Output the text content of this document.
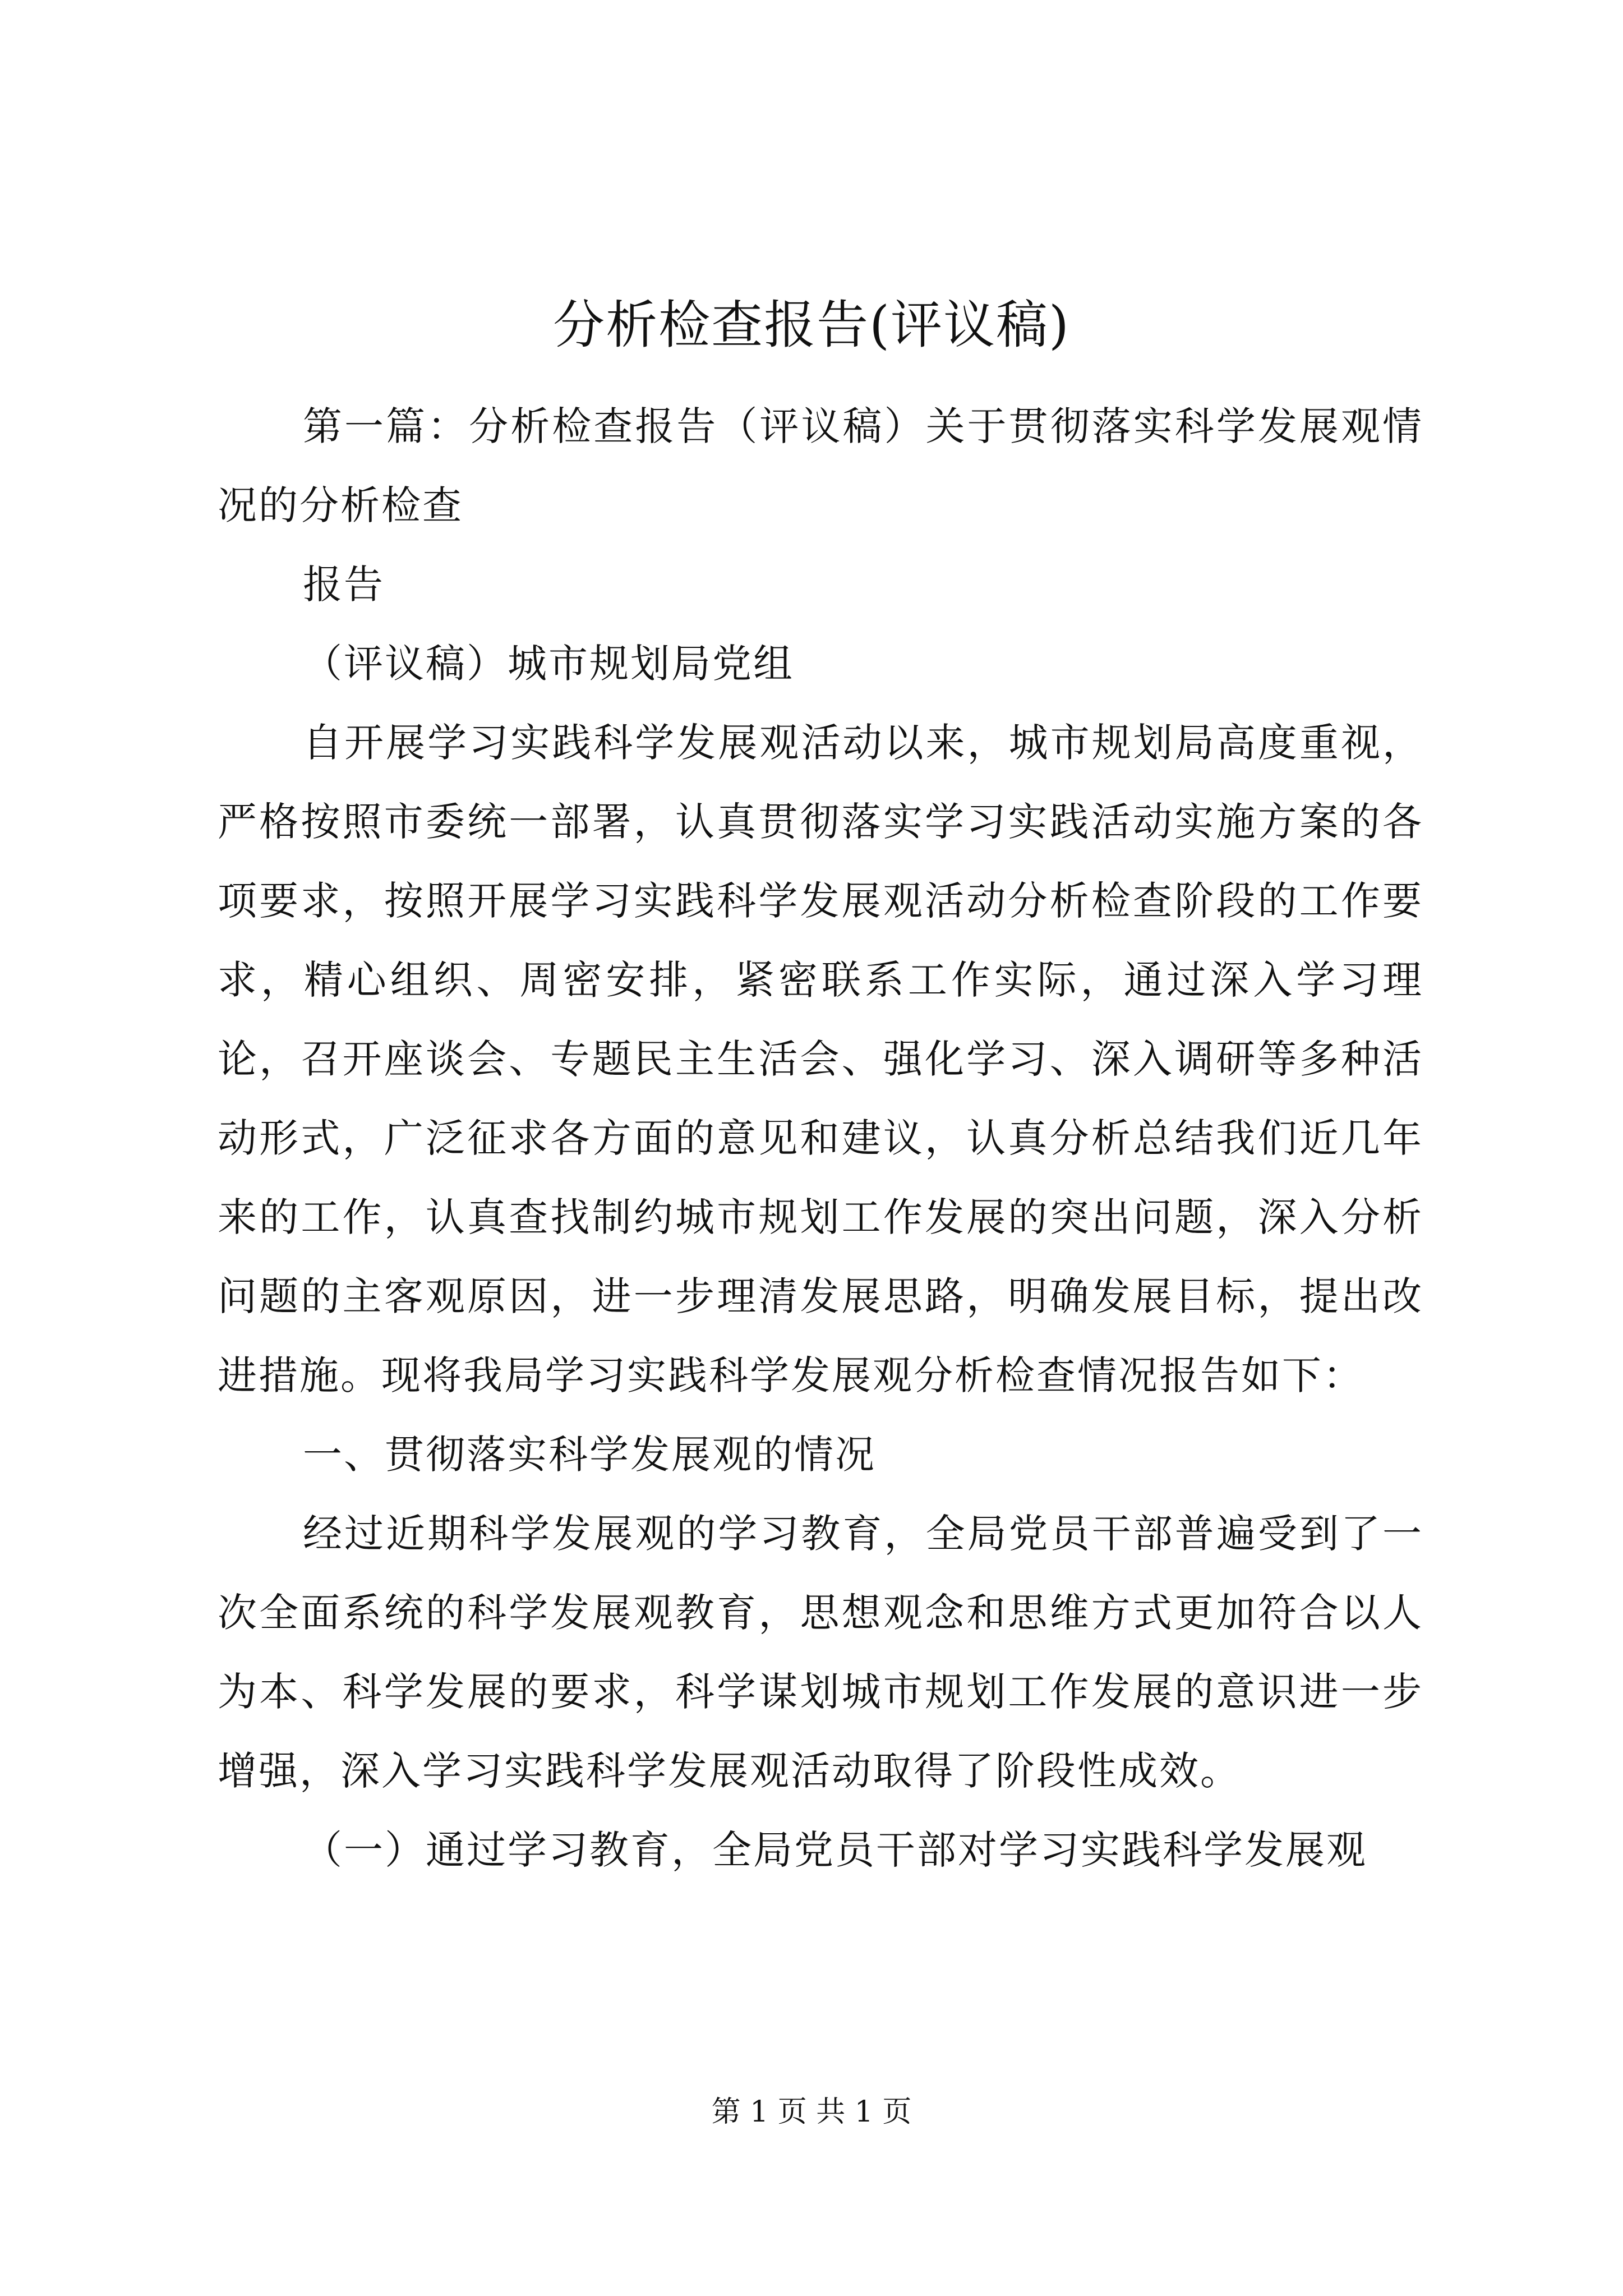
分析检查报告(评议稿)

第一篇：分析检查报告（评议稿）关于贯彻落实科学发展观情况的分析检查

报告

（评议稿）城市规划局党组

自开展学习实践科学发展观活动以来，城市规划局高度重视，严格按照市委统一部署，认真贯彻落实学习实践活动实施方案的各项要求，按照开展学习实践科学发展观活动分析检查阶段的工作要求，精心组织、周密安排，紧密联系工作实际，通过深入学习理论，召开座谈会、专题民主生活会、强化学习、深入调研等多种活动形式，广泛征求各方面的意见和建议，认真分析总结我们近几年来的工作，认真查找制约城市规划工作发展的突出问题，深入分析问题的主客观原因，进一步理清发展思路，明确发展目标，提出改进措施。现将我局学习实践科学发展观分析检查情况报告如下：

一、贯彻落实科学发展观的情况

经过近期科学发展观的学习教育，全局党员干部普遍受到了一次全面系统的科学发展观教育，思想观念和思维方式更加符合以人为本、科学发展的要求，科学谋划城市规划工作发展的意识进一步增强，深入学习实践科学发展观活动取得了阶段性成效。

（一）通过学习教育，全局党员干部对学习实践科学发展观

第 1 页 共 1 页
